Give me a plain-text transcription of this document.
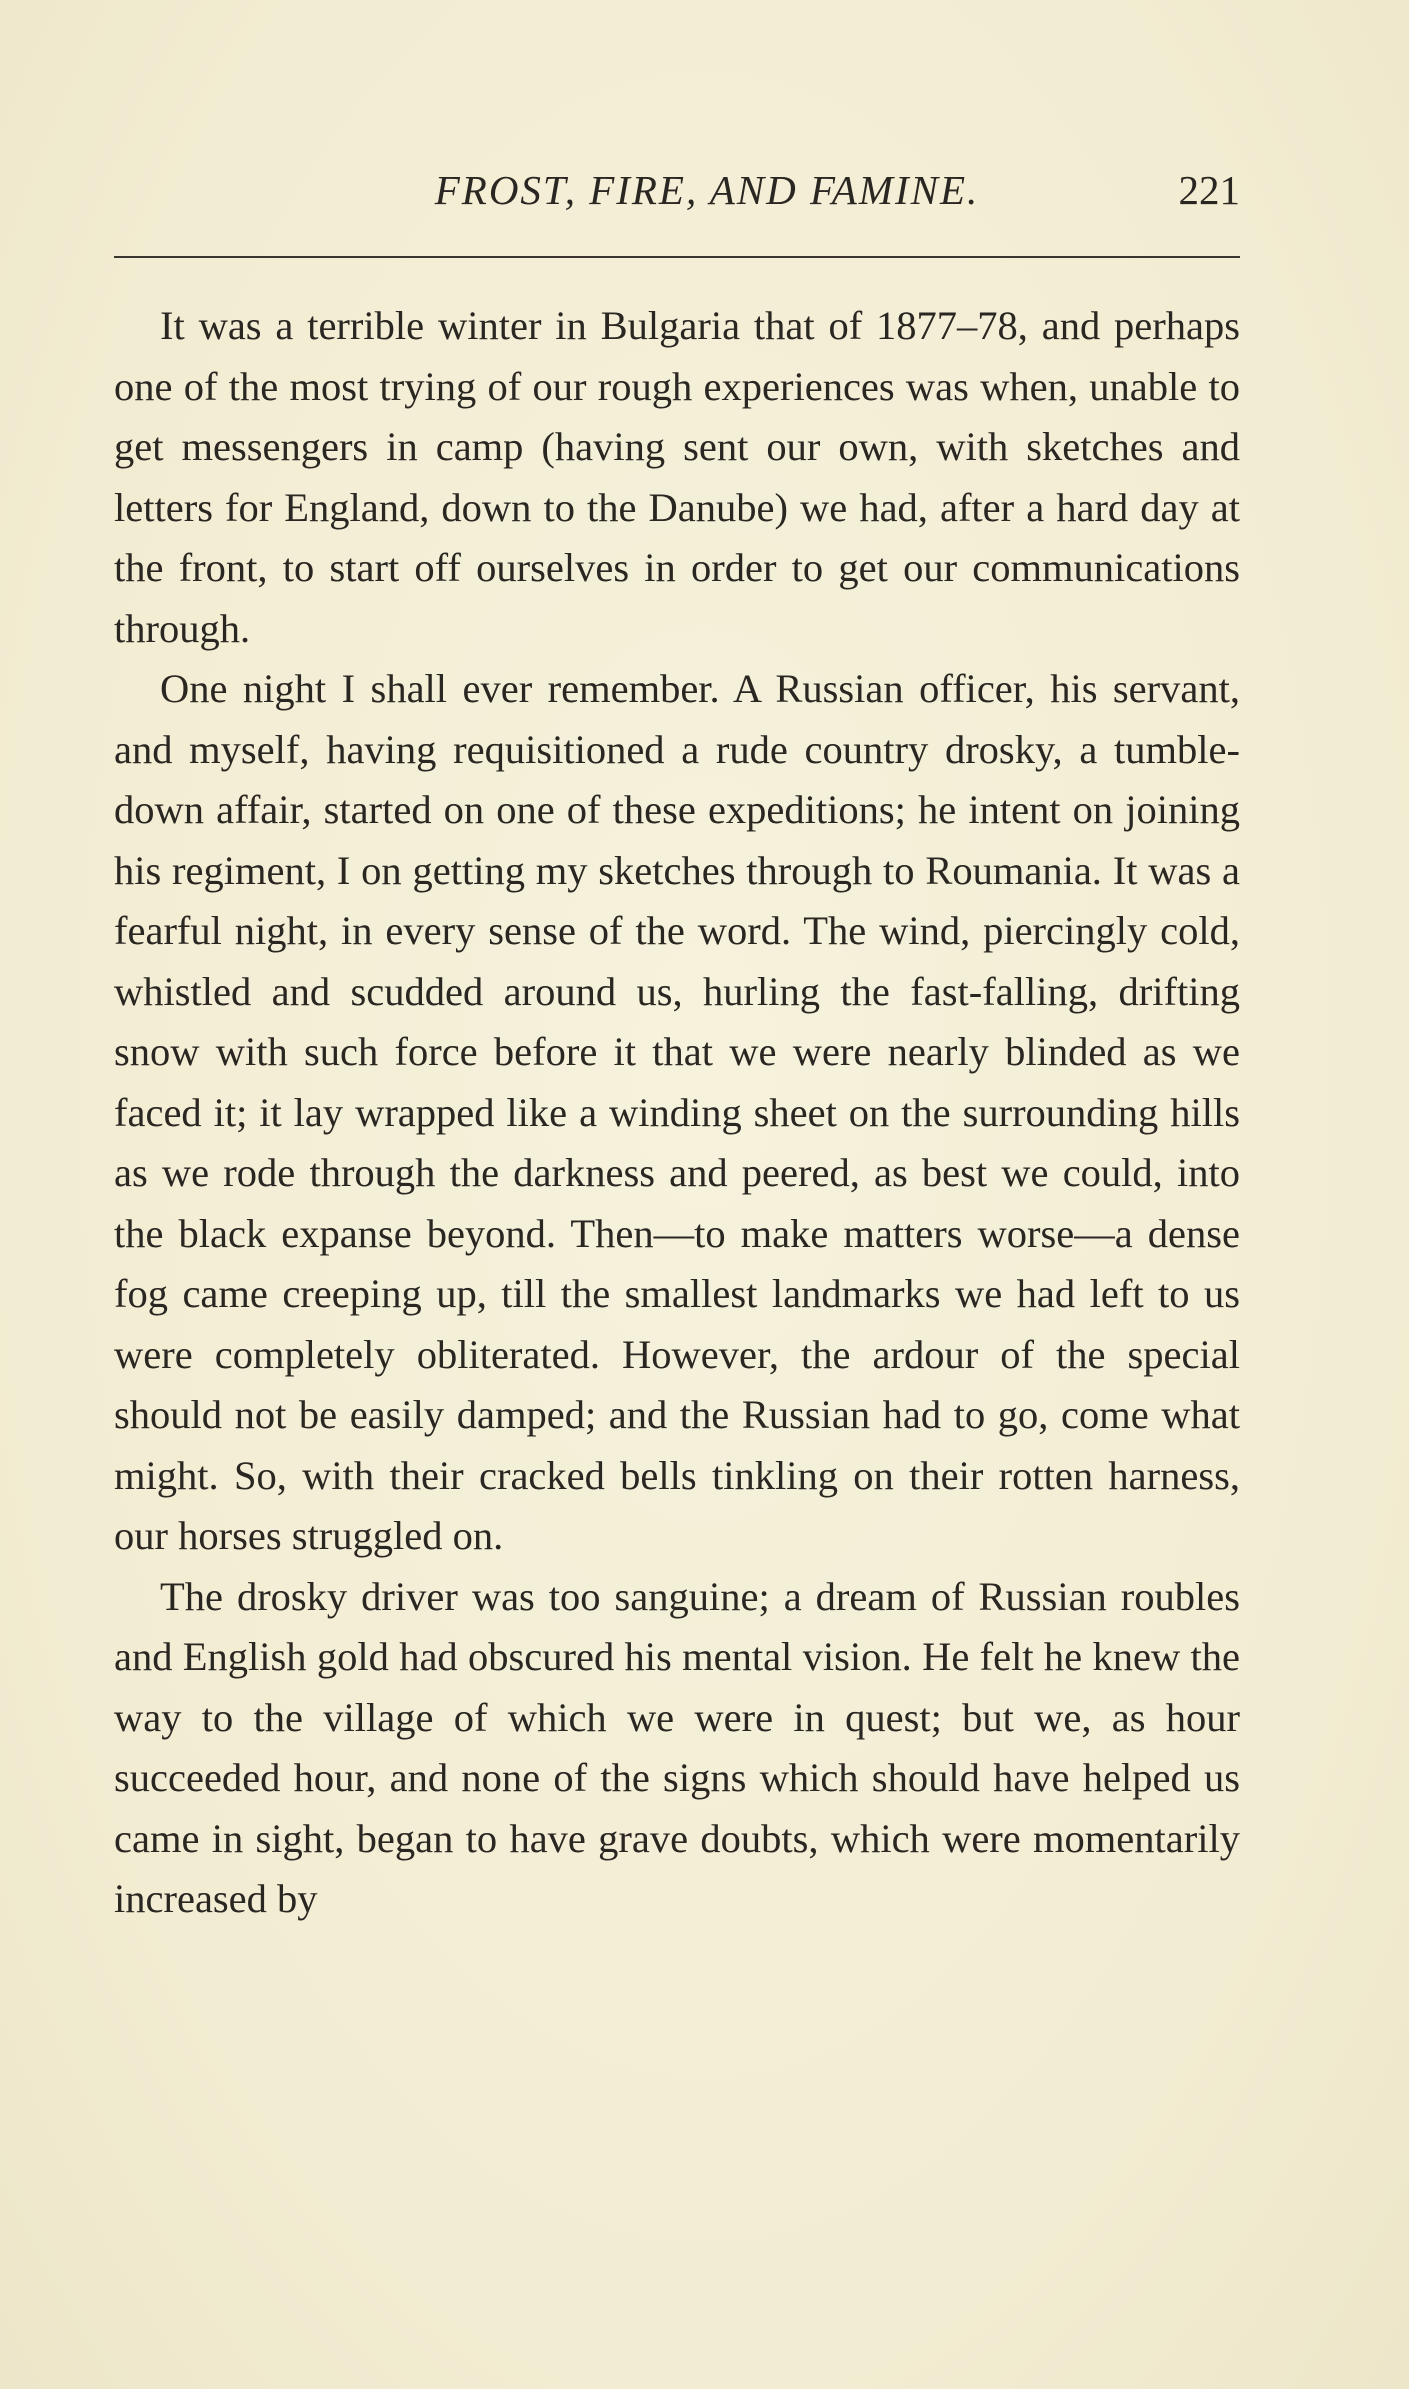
FROST, FIRE, AND FAMINE.	221

It was a terrible winter in Bulgaria that of 1877–78, and perhaps one of the most trying of our rough experiences was when, unable to get messengers in camp (having sent our own, with sketches and letters for England, down to the Danube) we had, after a hard day at the front, to start off ourselves in order to get our communications through.

One night I shall ever remember. A Russian officer, his servant, and myself, having requisitioned a rude country drosky, a tumble-down affair, started on one of these expeditions; he intent on joining his regiment, I on getting my sketches through to Roumania. It was a fearful night, in every sense of the word. The wind, piercingly cold, whistled and scudded around us, hurling the fast-falling, drifting snow with such force before it that we were nearly blinded as we faced it; it lay wrapped like a winding sheet on the surrounding hills as we rode through the darkness and peered, as best we could, into the black expanse beyond. Then—to make matters worse—a dense fog came creeping up, till the smallest landmarks we had left to us were completely obliterated. However, the ardour of the special should not be easily damped; and the Russian had to go, come what might. So, with their cracked bells tinkling on their rotten harness, our horses struggled on.

The drosky driver was too sanguine; a dream of Russian roubles and English gold had obscured his mental vision. He felt he knew the way to the village of which we were in quest; but we, as hour succeeded hour, and none of the signs which should have helped us came in sight, began to have grave doubts, which were momentarily increased by
